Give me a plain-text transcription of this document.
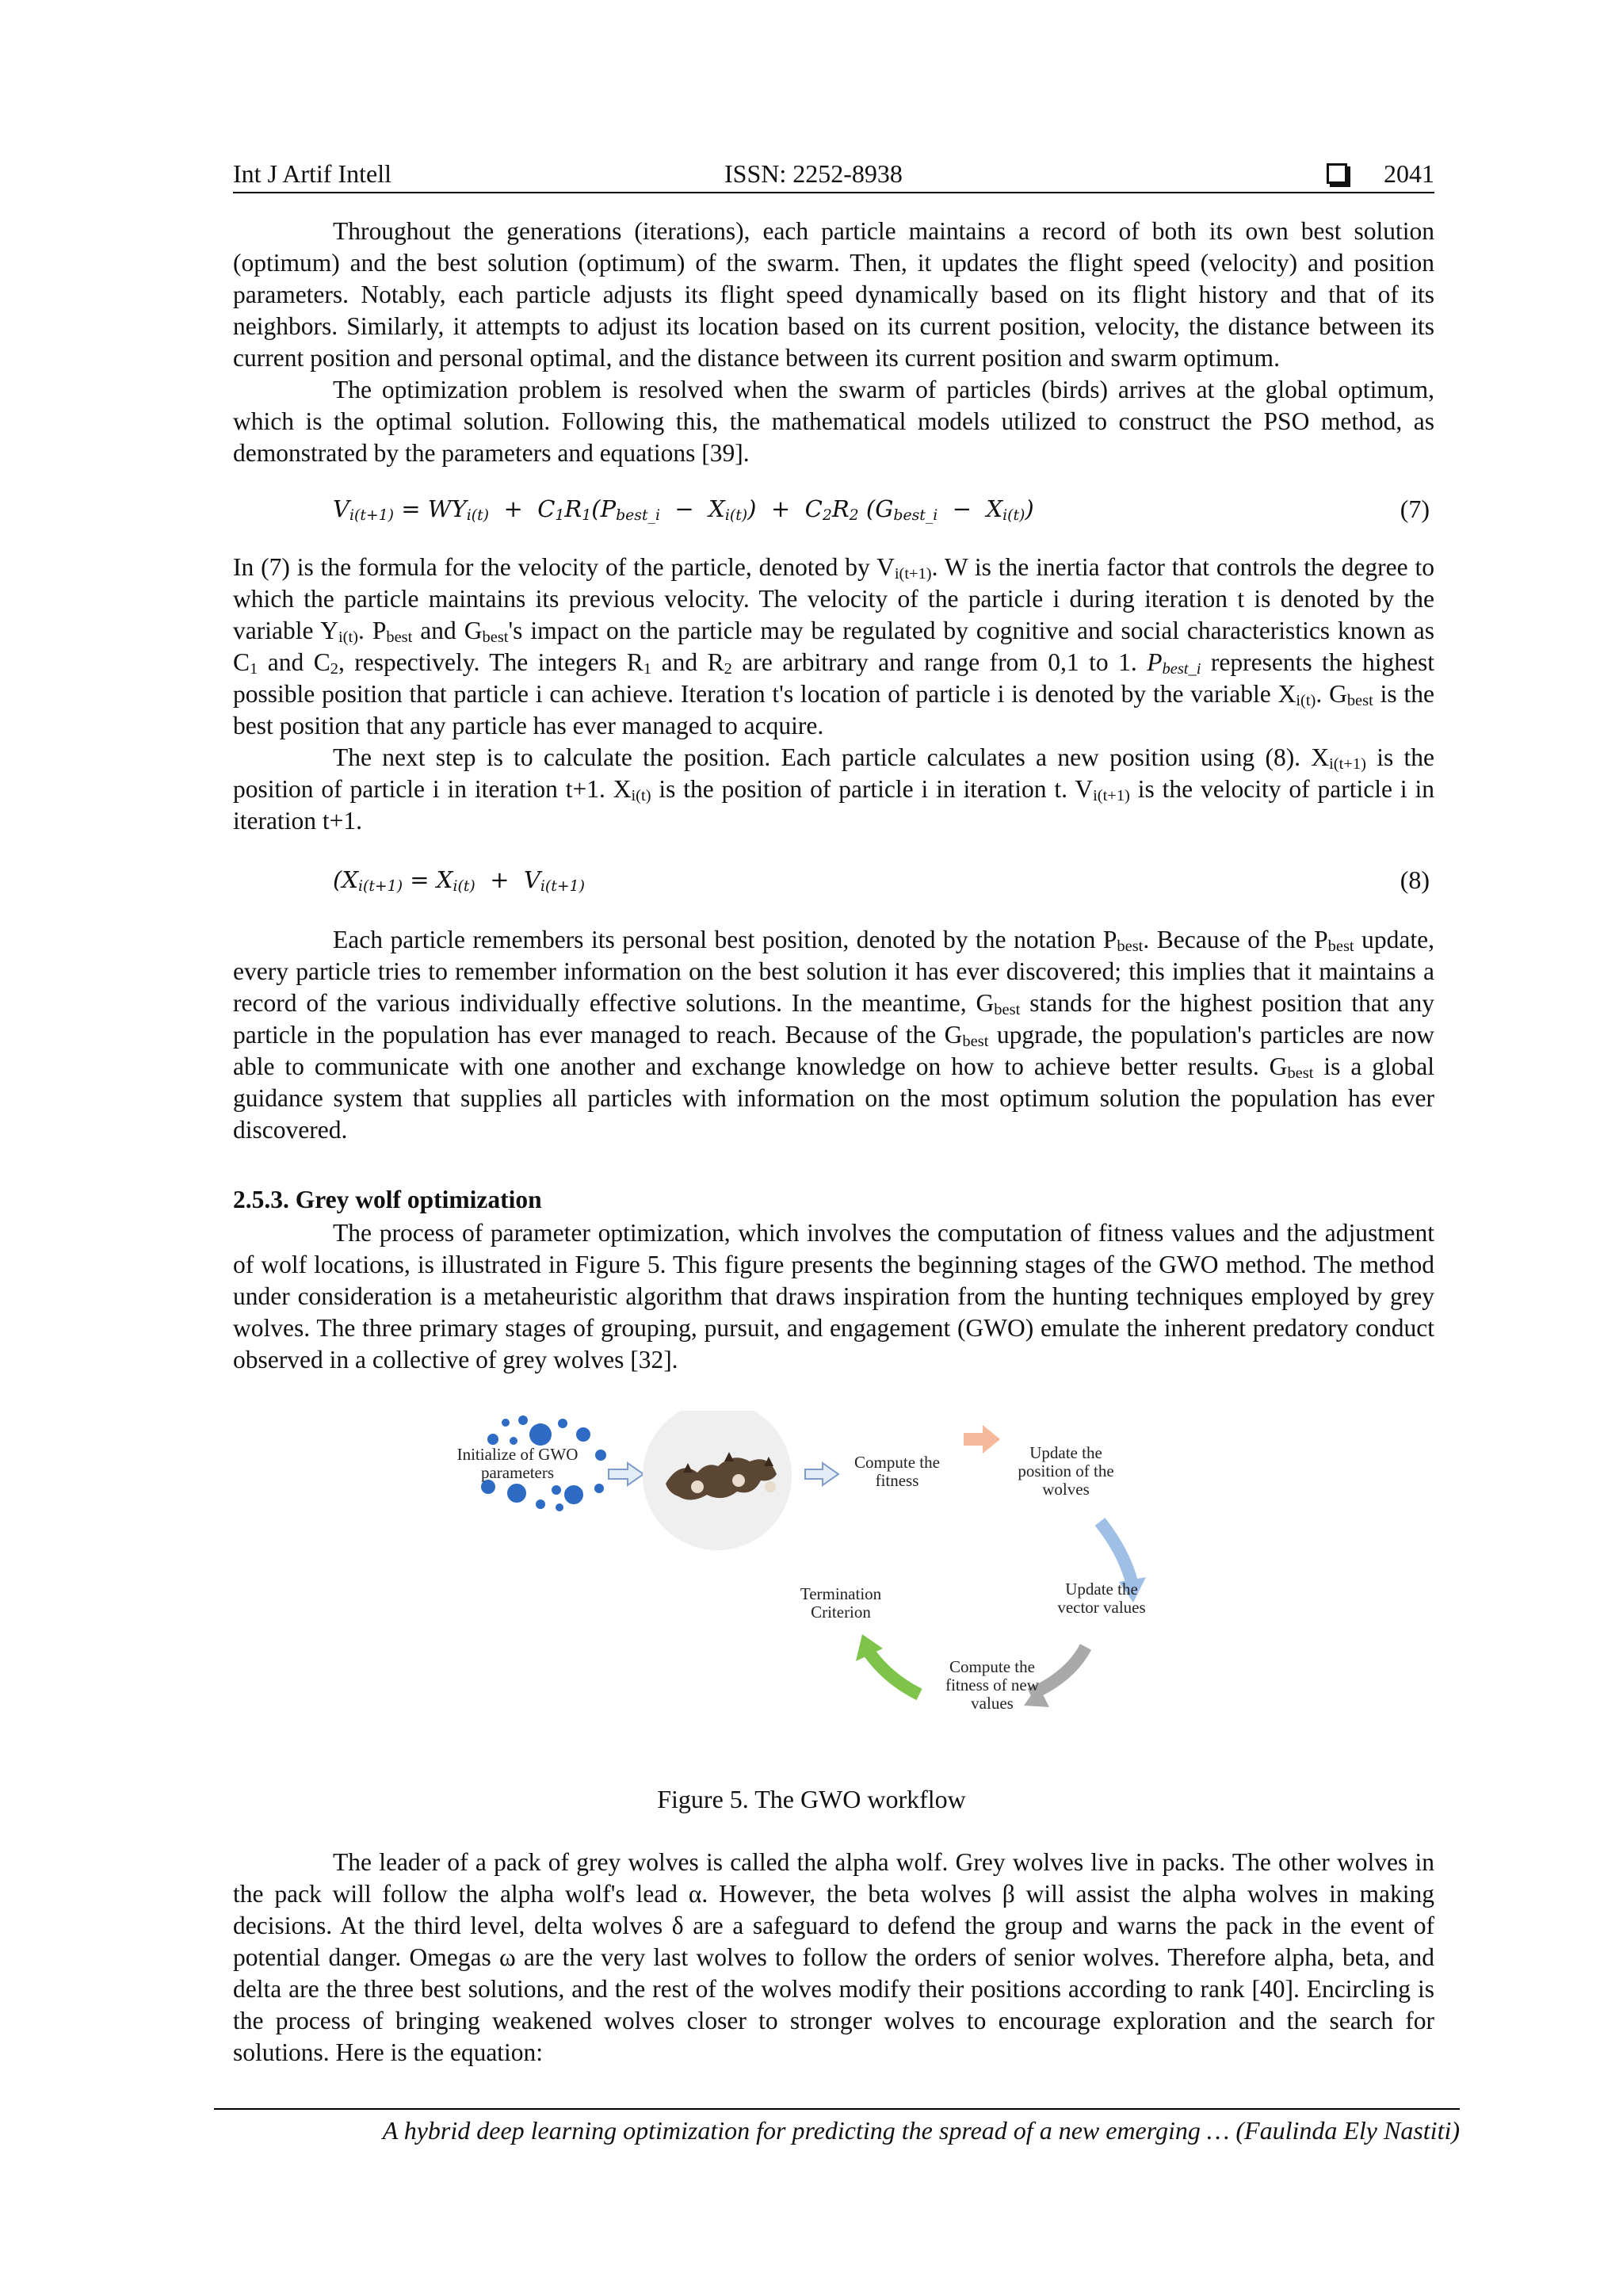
Int J Artif Intell	ISSN: 2252-8938	2041

Throughout the generations (iterations), each particle maintains a record of both its own best solution (optimum) and the best solution (optimum) of the swarm. Then, it updates the flight speed (velocity) and position parameters. Notably, each particle adjusts its flight speed dynamically based on its flight history and that of its neighbors. Similarly, it attempts to adjust its location based on its current position, velocity, the distance between its current position and personal optimal, and the distance between its current position and swarm optimum.

The optimization problem is resolved when the swarm of particles (birds) arrives at the global optimum, which is the optimal solution. Following this, the mathematical models utilized to construct the PSO method, as demonstrated by the parameters and equations [39].

$V_{i(t+1)} = WY_{i(t)} + C_1R_1(P_{best\_i} - X_{i(t)}) + C_2R_2$ $(G_{best\_i} - X_{i(t)})$	(7)

In (7) is the formula for the velocity of the particle, denoted by $V_{i(t+1)}$. W is the inertia factor that controls the degree to which the particle maintains its previous velocity. The velocity of the particle i during iteration t is denoted by the variable $Y_{i(t)}$. $P_{best}$ and $G_{best}'s$ impact on the particle may be regulated by cognitive and social characteristics known as $C_1$ and $C_2$, respectively. The integers $R_1$ and $R_2$ are arbitrary and range from 0,1 to 1. $P_{best\_i}$ represents the highest possible position that particle i can achieve. Iteration t's location of particle i is denoted by the variable $X_{i(t)}$. $G_{best}$ is the best position that any particle has ever managed to acquire.

The next step is to calculate the position. Each particle calculates a new position using (8). $X_{i(t+1)}$ is the position of particle i in iteration t+1. $X_{i(t)}$ is the position of particle i in iteration t. $V_{i(t+1)}$ is the velocity of particle i in iteration t+1.

($X_{i(t+1)} = X_{i(t)} + V_{i(t+1)}$	(8)

Each particle remembers its personal best position, denoted by the notation $P_{best}$. Because of the $P_{best}$ update, every particle tries to remember information on the best solution it has ever discovered; this implies that it maintains a record of the various individually effective solutions. In the meantime, $G_{best}$ stands for the highest position that any particle in the population has ever managed to reach. Because of the $G_{best}$ upgrade, the population's particles are now able to communicate with one another and exchange knowledge on how to achieve better results. $G_{best}$ is a global guidance system that supplies all particles with information on the most optimum solution the population has ever discovered.

2.5.3. Grey wolf optimization

The process of parameter optimization, which involves the computation of fitness values and the adjustment of wolf locations, is illustrated in Figure 5. This figure presents the beginning stages of the GWO method. The method under consideration is a metaheuristic algorithm that draws inspiration from the hunting techniques employed by grey wolves. The three primary stages of grouping, pursuit, and engagement (GWO) emulate the inherent predatory conduct observed in a collective of grey wolves [32].

Initialize of GWO parameters
Compute the fitness
Update the position of the wolves
Update the vector values
Compute the fitness of new values
Termination Criterion
Figure 5. The GWO workflow

The leader of a pack of grey wolves is called the alpha wolf. Grey wolves live in packs. The other wolves in the pack will follow the alpha wolf's lead α. However, the beta wolves β will assist the alpha wolves in making decisions. At the third level, delta wolves δ are a safeguard to defend the group and warns the pack in the event of potential danger. Omegas ω are the very last wolves to follow the orders of senior wolves. Therefore alpha, beta, and delta are the three best solutions, and the rest of the wolves modify their positions according to rank [40]. Encircling is the process of bringing weakened wolves closer to stronger wolves to encourage exploration and the search for solutions. Here is the equation:

A hybrid deep learning optimization for predicting the spread of a new emerging … (Faulinda Ely Nastiti)
